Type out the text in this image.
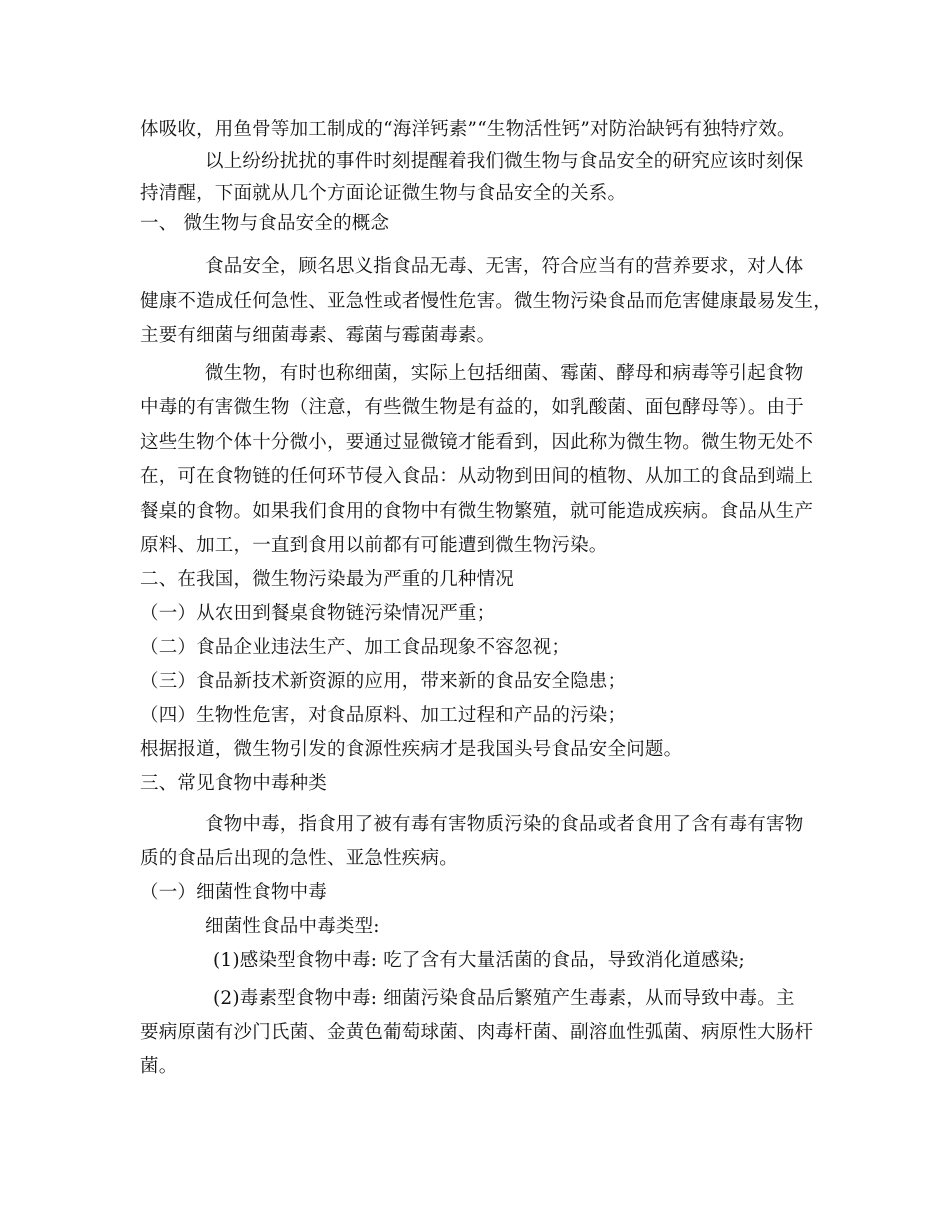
体吸收，用鱼骨等加工制成的“海洋钙素”“生物活性钙”对防治缺钙有独特疗效。
以上纷纷扰扰的事件时刻提醒着我们微生物与食品安全的研究应该时刻保
持清醒，下面就从几个方面论证微生物与食品安全的关系。
一、 微生物与食品安全的概念
食品安全，顾名思义指食品无毒、无害，符合应当有的营养要求，对人体
健康不造成任何急性、亚急性或者慢性危害。微生物污染食品而危害健康最易发生，
主要有细菌与细菌毒素、霉菌与霉菌毒素。
微生物，有时也称细菌，实际上包括细菌、霉菌、酵母和病毒等引起食物
中毒的有害微生物（注意，有些微生物是有益的，如乳酸菌、面包酵母等）。由于
这些生物个体十分微小，要通过显微镜才能看到，因此称为微生物。微生物无处不
在，可在食物链的任何环节侵入食品：从动物到田间的植物、从加工的食品到端上
餐桌的食物。如果我们食用的食物中有微生物繁殖，就可能造成疾病。食品从生产
原料、加工，一直到食用以前都有可能遭到微生物污染。
二、在我国，微生物污染最为严重的几种情况
（一）从农田到餐桌食物链污染情况严重；
（二）食品企业违法生产、加工食品现象不容忽视；
（三）食品新技术新资源的应用，带来新的食品安全隐患；
（四）生物性危害，对食品原料、加工过程和产品的污染；
根据报道，微生物引发的食源性疾病才是我国头号食品安全问题。
三、常见食物中毒种类
食物中毒，指食用了被有毒有害物质污染的食品或者食用了含有毒有害物
质的食品后出现的急性、亚急性疾病。
（一）细菌性食物中毒
细菌性食品中毒类型:
(1)感染型食物中毒: 吃了含有大量活菌的食品，导致消化道感染;
(2)毒素型食物中毒: 细菌污染食品后繁殖产生毒素，从而导致中毒。主
要病原菌有沙门氏菌、金黄色葡萄球菌、肉毒杆菌、副溶血性弧菌、病原性大肠杆
菌。
